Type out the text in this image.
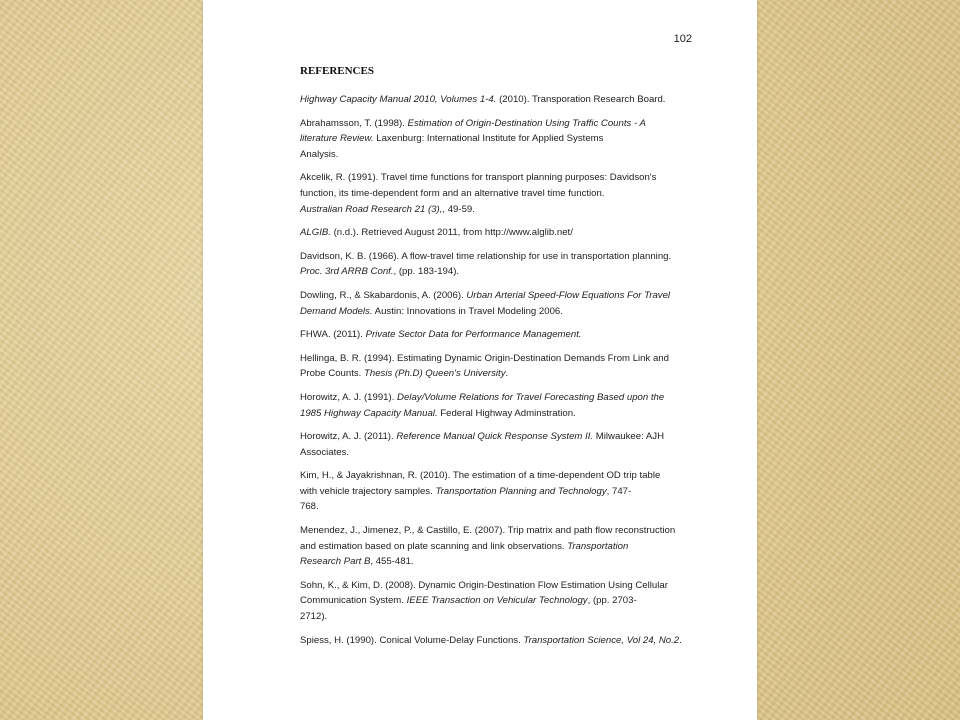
102
REFERENCES
Highway Capacity Manual 2010, Volumes 1-4. (2010). Transporation Research Board.
Abrahamsson, T. (1998). Estimation of Origin-Destination Using Traffic Counts - A
literature Review. Laxenburg: International Institute for Applied Systems
Analysis.
Akcelik, R. (1991). Travel time functions for transport planning purposes: Davidson's
function, its time-dependent form and an alternative travel time function.
Australian Road Research 21 (3),, 49-59.
ALGIB. (n.d.). Retrieved August 2011, from http://www.alglib.net/
Davidson, K. B. (1966). A flow-travel time relationship for use in transportation planning.
Proc. 3rd ARRB Conf., (pp. 183-194).
Dowling, R., & Skabardonis, A. (2006). Urban Arterial Speed-Flow Equations For Travel
Demand Models. Austin: Innovations in Travel Modeling 2006.
FHWA. (2011). Private Sector Data for Performance Management.
Hellinga, B. R. (1994). Estimating Dynamic Origin-Destination Demands From Link and
Probe Counts. Thesis (Ph.D) Queen's University.
Horowitz, A. J. (1991). Delay/Volume Relations for Travel Forecasting Based upon the
1985 Highway Capacity Manual. Federal Highway Adminstration.
Horowitz, A. J. (2011). Reference Manual Quick Response System II. Milwaukee: AJH
Associates.
Kim, H., & Jayakrishnan, R. (2010). The estimation of a time-dependent OD trip table
with vehicle trajectory samples. Transportation Planning and Technology, 747-
768.
Menendez, J., Jimenez, P., & Castillo, E. (2007). Trip matrix and path flow reconstruction
and estimation based on plate scanning and link observations. Transportation
Research Part B, 455-481.
Sohn, K., & Kim, D. (2008). Dynamic Origin-Destination Flow Estimation Using Cellular
Communication System. IEEE Transaction on Vehicular Technology, (pp. 2703-
2712).
Spiess, H. (1990). Conical Volume-Delay Functions. Transportation Science, Vol 24, No.2.
